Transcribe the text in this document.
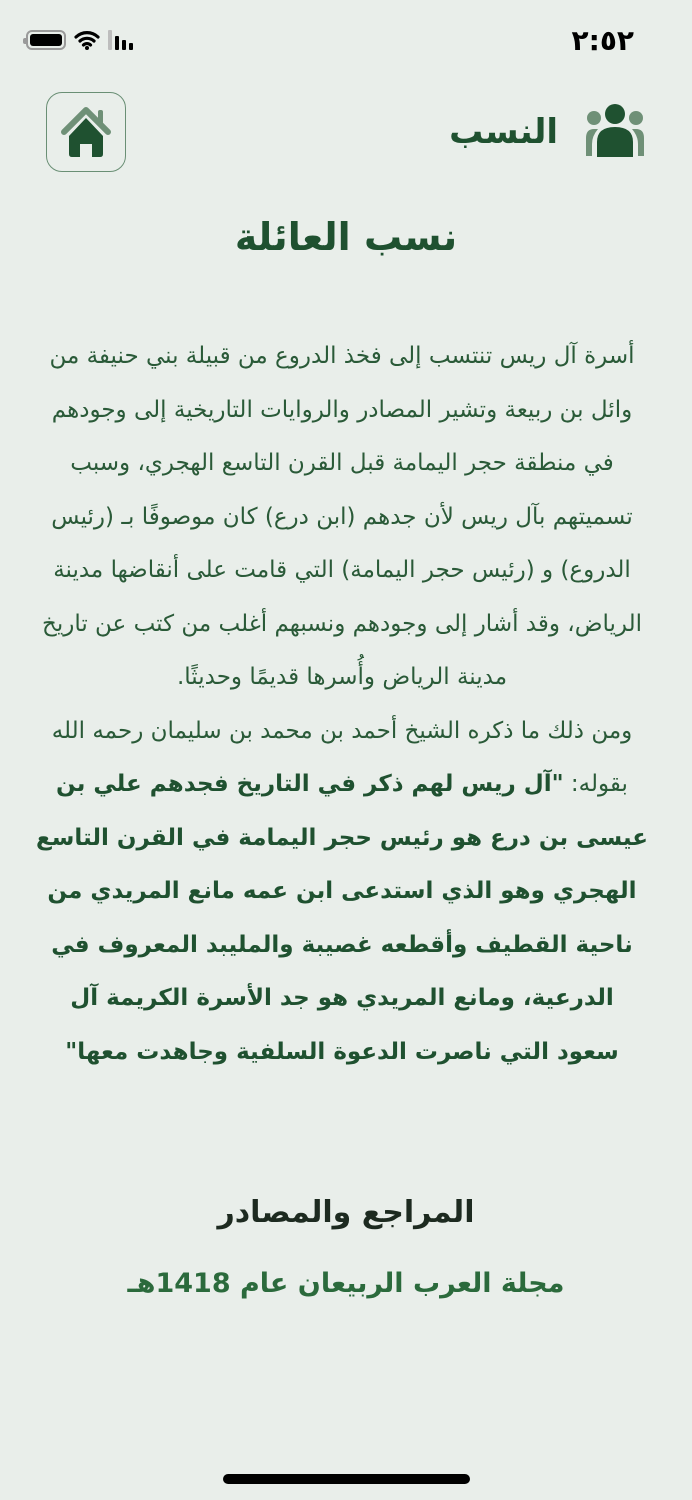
٢:٥٢
النسب
نسب العائلة
أسرة آل ريس تنتسب إلى فخذ الدروع من قبيلة بني حنيفة من وائل بن ربيعة وتشير المصادر والروايات التاريخية إلى وجودهم في منطقة حجر اليمامة قبل القرن التاسع الهجري، وسبب تسميتهم بآل ريس لأن جدهم (ابن درع) كان موصوفًا بـ (رئيس الدروع) و (رئيس حجر اليمامة) التي قامت على أنقاضها مدينة الرياض، وقد أشار إلى وجودهم ونسبهم أغلب من كتب عن تاريخ مدينة الرياض وأُسرها قديمًا وحديثًا.
ومن ذلك ما ذكره الشيخ أحمد بن محمد بن سليمان رحمه الله بقوله: "آل ريس لهم ذكر في التاريخ فجدهم علي بن عيسى بن درع هو رئيس حجر اليمامة في القرن التاسع الهجري وهو الذي استدعى ابن عمه مانع المريدي من ناحية القطيف وأقطعه غصيبة والمليبد المعروف في الدرعية، ومانع المريدي هو جد الأسرة الكريمة آل سعود التي ناصرت الدعوة السلفية وجاهدت معها"
المراجع والمصادر
مجلة العرب الربيعان عام 1418هـ
